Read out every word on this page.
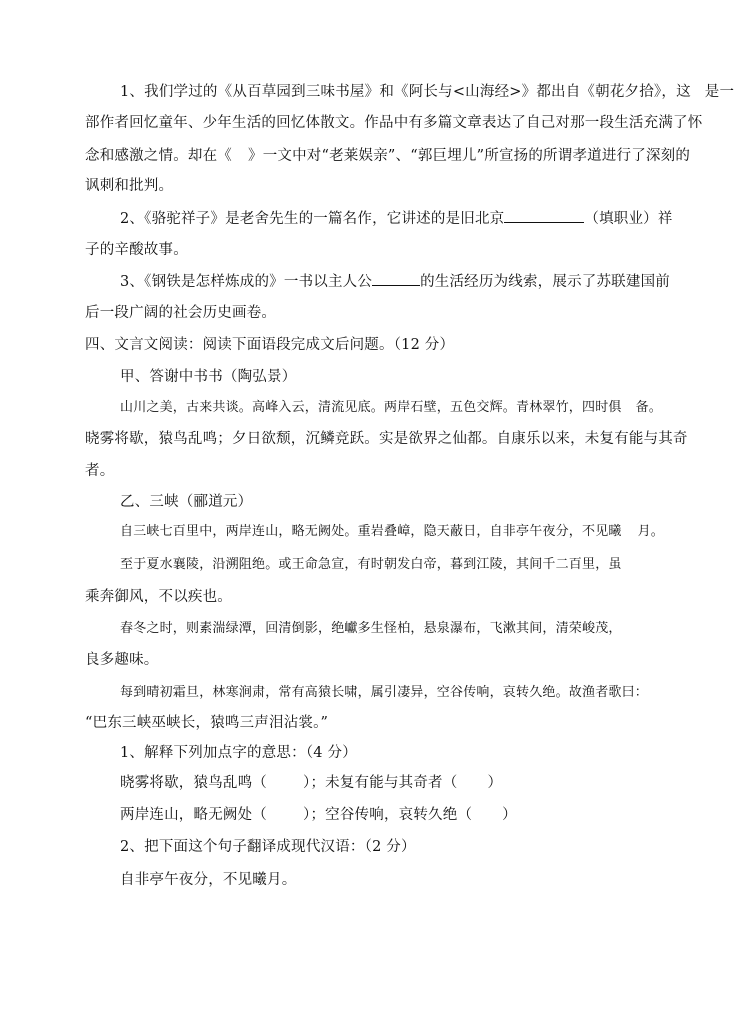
1、我们学过的《从百草园到三味书屋》和《阿长与<山海经>》都出自《朝花夕拾》，这 是一
部作者回忆童年、少年生活的回忆体散文。作品中有多篇文章表达了自己对那一段生活充满了怀
念和感激之情。却在《 》一文中对“老莱娱亲”、“郭巨埋儿”所宣扬的所谓孝道进行了深刻的
讽刺和批判。
2、《骆驼祥子》是老舍先生的一篇名作，它讲述的是旧北京	（填职业）祥
子的辛酸故事。
3、《钢铁是怎样炼成的》一书以主人公	的生活经历为线索，展示了苏联建国前
后一段广阔的社会历史画卷。
四、文言文阅读：阅读下面语段完成文后问题。（12 分）
甲、答谢中书书（陶弘景）
山川之美，古来共谈。高峰入云，清流见底。两岸石壁，五色交辉。青林翠竹，四时俱 备。
晓雾将歇，猿鸟乱鸣；夕日欲颓，沉鳞竞跃。实是欲界之仙都。自康乐以来，未复有能与其奇
者。
乙、三峡（郦道元）
自三峡七百里中，两岸连山，略无阙处。重岩叠嶂，隐天蔽日，自非亭午夜分，不见曦 月。
至于夏水襄陵，沿溯阻绝。或王命急宣，有时朝发白帝，暮到江陵，其间千二百里，虽
乘奔御风，不以疾也。
春冬之时，则素湍绿潭，回清倒影，绝巘多生怪柏，悬泉瀑布，飞漱其间，清荣峻茂，
良多趣味。
每到晴初霜旦，林寒涧肃，常有高猿长啸，属引凄异，空谷传响，哀转久绝。故渔者歌曰：
“巴东三峡巫峡长，猿鸣三声泪沾裳。”
1、解释下列加点字的意思：（4 分）
晓雾将歇，猿鸟乱鸣（ ）；未复有能与其奇者（ ）
两岸连山，略无阙处（ ）；空谷传响，哀转久绝（ ）
2、把下面这个句子翻译成现代汉语：（2 分）
自非亭午夜分，不见曦月。
